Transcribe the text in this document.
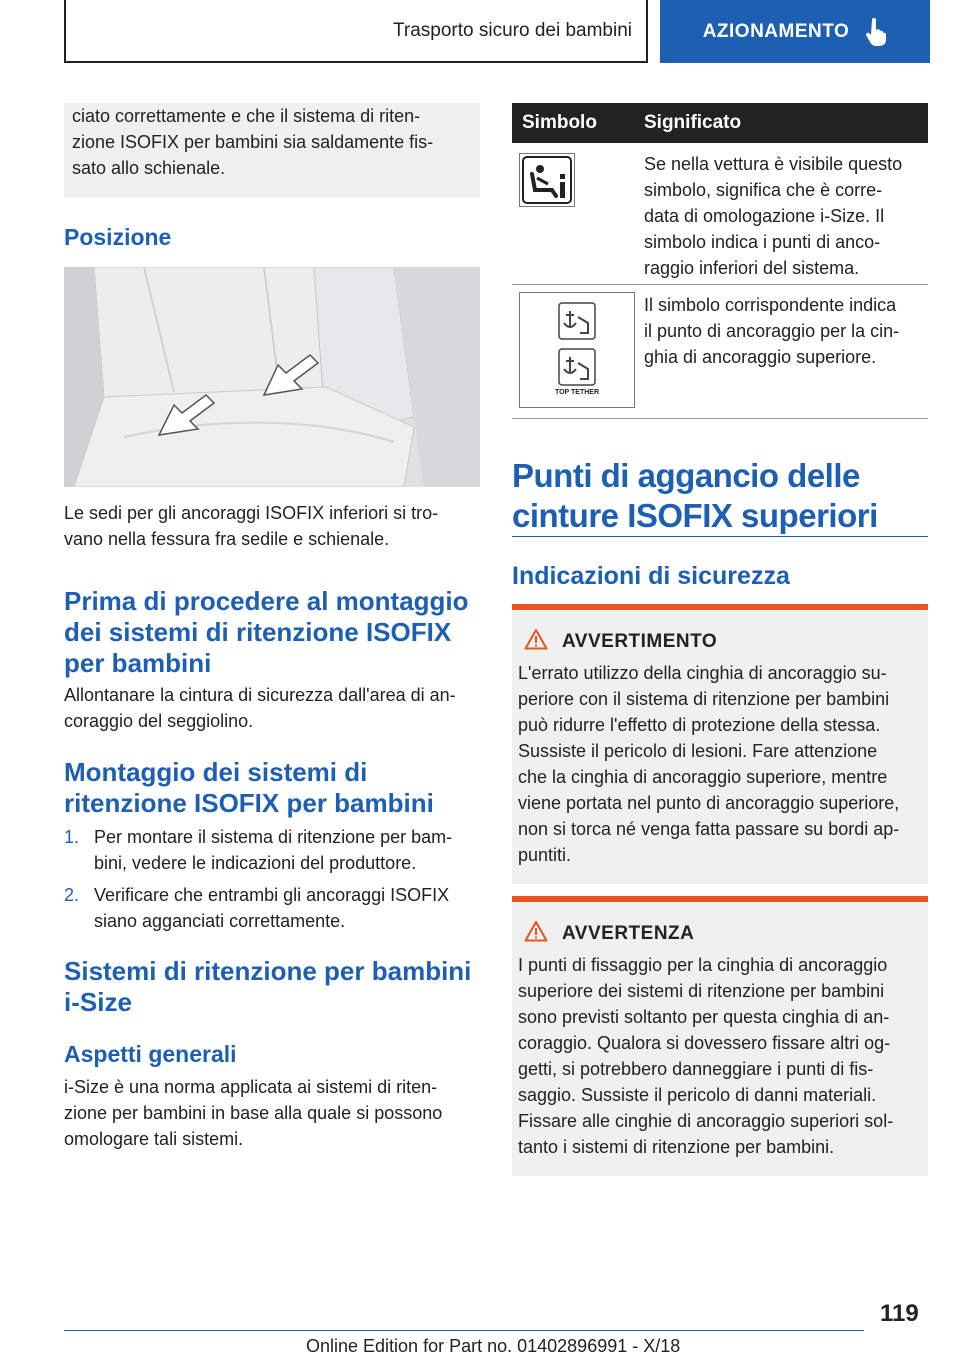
Trasporto sicuro dei bambini	AZIONAMENTO
ciato correttamente e che il sistema di riten-
zione ISOFIX per bambini sia saldamente fis-
sato allo schienale.
Posizione
Le sedi per gli ancoraggi ISOFIX inferiori si tro-
vano nella fessura fra sedile e schienale.
Prima di procedere al montaggio
dei sistemi di ritenzione ISOFIX
per bambini
Allontanare la cintura di sicurezza dall'area di an-
coraggio del seggiolino.
Montaggio dei sistemi di
ritenzione ISOFIX per bambini
1. Per montare il sistema di ritenzione per bam-
bini, vedere le indicazioni del produttore.
2. Verificare che entrambi gli ancoraggi ISOFIX
siano agganciati correttamente.
Sistemi di ritenzione per bambini
i-Size
Aspetti generali
i-Size è una norma applicata ai sistemi di riten-
zione per bambini in base alla quale si possono
omologare tali sistemi.
Simbolo Significato
Se nella vettura è visibile questo
simbolo, significa che è corre-
data di omologazione i-Size. Il
simbolo indica i punti di anco-
raggio inferiori del sistema.
TOP TETHER
Il simbolo corrispondente indica
il punto di ancoraggio per la cin-
ghia di ancoraggio superiore.
Punti di aggancio delle
cinture ISOFIX superiori
Indicazioni di sicurezza
AVVERTIMENTO
L'errato utilizzo della cinghia di ancoraggio su-
periore con il sistema di ritenzione per bambini
può ridurre l'effetto di protezione della stessa.
Sussiste il pericolo di lesioni. Fare attenzione
che la cinghia di ancoraggio superiore, mentre
viene portata nel punto di ancoraggio superiore,
non si torca né venga fatta passare su bordi ap-
puntiti.
AVVERTENZA
I punti di fissaggio per la cinghia di ancoraggio
superiore dei sistemi di ritenzione per bambini
sono previsti soltanto per questa cinghia di an-
coraggio. Qualora si dovessero fissare altri og-
getti, si potrebbero danneggiare i punti di fis-
saggio. Sussiste il pericolo di danni materiali.
Fissare alle cinghie di ancoraggio superiori sol-
tanto i sistemi di ritenzione per bambini.
119
Online Edition for Part no. 01402896991 - X/18
